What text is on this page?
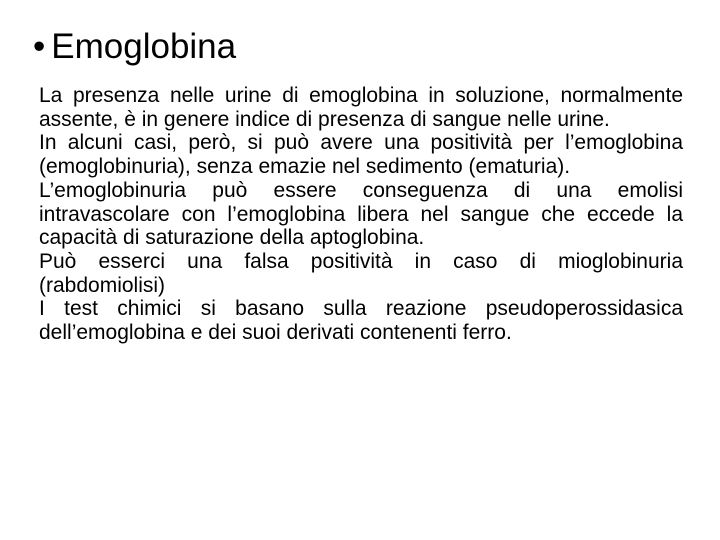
• Emoglobina

La presenza nelle urine di emoglobina in soluzione, normalmente assente, è in genere indice di presenza di sangue nelle urine.

In alcuni casi, però, si può avere una positività per l’emoglobina (emoglobinuria), senza emazie nel sedimento (ematuria).

L’emoglobinuria può essere conseguenza di una emolisi intravascolare con l’emoglobina libera nel sangue che eccede la capacità di saturazione della aptoglobina.

Può esserci una falsa positività in caso di mioglobinuria (rabdomiolisi)

I test chimici si basano sulla reazione pseudoperossidasica dell’emoglobina e dei suoi derivati contenenti ferro.
